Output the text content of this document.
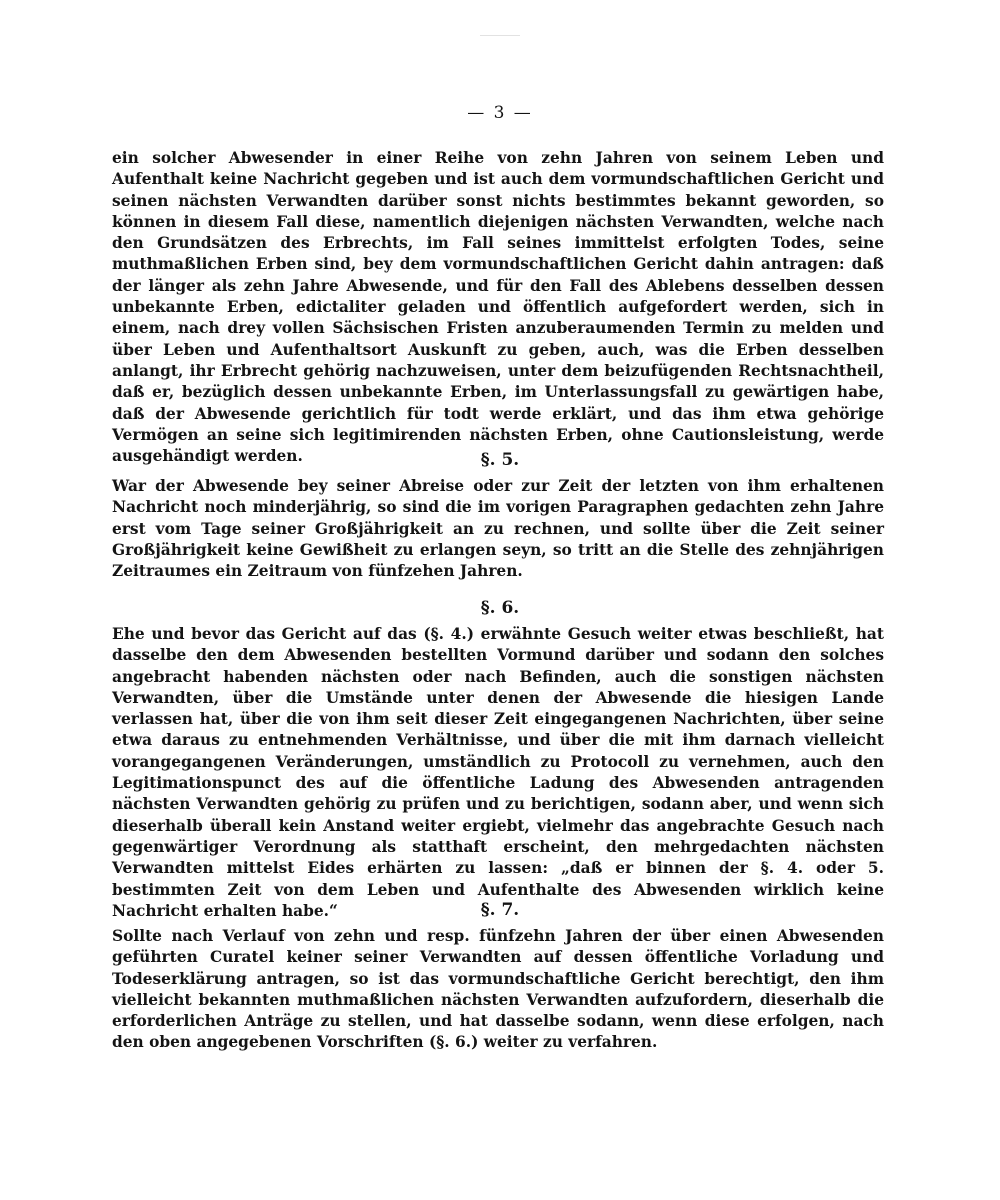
— 3 —
ein solcher Abwesender in einer Reihe von zehn Jahren von seinem Leben und Aufenthalt keine Nachricht gegeben und ist auch dem vormundschaftlichen Gericht und seinen nächsten Verwandten darüber sonst nichts bestimmtes bekannt geworden, so können in diesem Fall diese, namentlich diejenigen nächsten Verwandten, welche nach den Grundsätzen des Erbrechts, im Fall seines immittelst erfolgten Todes, seine muthmaßlichen Erben sind, bey dem vormundschaftlichen Gericht dahin antragen: daß der länger als zehn Jahre Abwesende, und für den Fall des Ablebens desselben dessen unbekannte Erben, edictaliter geladen und öffentlich aufgefordert werden, sich in einem, nach drey vollen Sächsischen Fristen anzuberaumenden Termin zu melden und über Leben und Aufenthaltsort Auskunft zu geben, auch, was die Erben desselben anlangt, ihr Erbrecht gehörig nachzuweisen, unter dem beizufügenden Rechtsnachtheil, daß er, bezüglich dessen unbekannte Erben, im Unterlassungsfall zu gewärtigen habe, daß der Abwesende gerichtlich für todt werde erklärt, und das ihm etwa gehörige Vermögen an seine sich legitimirenden nächsten Erben, ohne Cautionsleistung, werde ausgehändigt werden.	§. 5.
War der Abwesende bey seiner Abreise oder zur Zeit der letzten von ihm erhaltenen Nachricht noch minderjährig, so sind die im vorigen Paragraphen gedachten zehn Jahre erst vom Tage seiner Großjährigkeit an zu rechnen, und sollte über die Zeit seiner Großjährigkeit keine Gewißheit zu erlangen seyn, so tritt an die Stelle des zehnjährigen Zeitraumes ein Zeitraum von fünfzehen Jahren.
§. 6.
Ehe und bevor das Gericht auf das (§. 4.) erwähnte Gesuch weiter etwas beschließt, hat dasselbe den dem Abwesenden bestellten Vormund darüber und sodann den solches angebracht habenden nächsten oder nach Befinden, auch die sonstigen nächsten Verwandten, über die Umstände unter denen der Abwesende die hiesigen Lande verlassen hat, über die von ihm seit dieser Zeit eingegangenen Nachrichten, über seine etwa daraus zu entnehmenden Verhältnisse, und über die mit ihm darnach vielleicht vorangegangenen Veränderungen, umständlich zu Protocoll zu vernehmen, auch den Legitimationspunct des auf die öffentliche Ladung des Abwesenden antragenden nächsten Verwandten gehörig zu prüfen und zu berichtigen, sodann aber, und wenn sich dieserhalb überall kein Anstand weiter ergiebt, vielmehr das angebrachte Gesuch nach gegenwärtiger Verordnung als statthaft erscheint, den mehrgedachten nächsten Verwandten mittelst Eides erhärten zu lassen: „daß er binnen der §. 4. oder 5. bestimmten Zeit von dem Leben und Aufenthalte des Abwesenden wirklich keine Nachricht erhalten habe.“	§. 7.
Sollte nach Verlauf von zehn und resp. fünfzehn Jahren der über einen Abwesenden geführten Curatel keiner seiner Verwandten auf dessen öffentliche Vorladung und Todeserklärung antragen, so ist das vormundschaftliche Gericht berechtigt, den ihm vielleicht bekannten muthmaßlichen nächsten Verwandten aufzufordern, dieserhalb die erforderlichen Anträge zu stellen, und hat dasselbe sodann, wenn diese erfolgen, nach den oben angegebenen Vorschriften (§. 6.) weiter zu verfahren.
